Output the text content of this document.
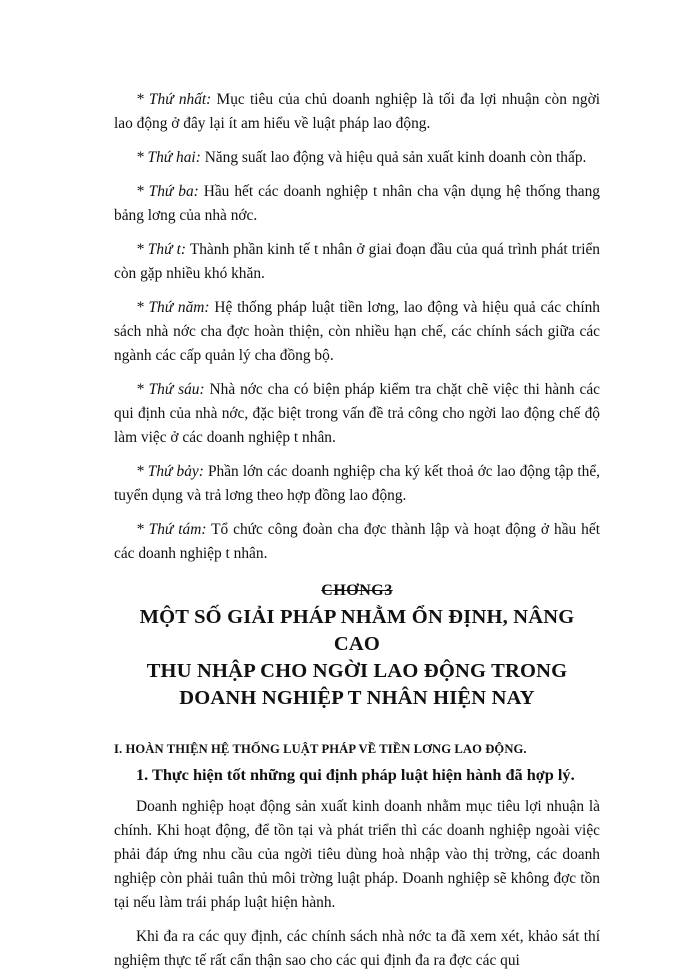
* Thứ nhất: Mục tiêu của chủ doanh nghiệp là tối đa lợi nhuận còn ngời lao động ở đây lại ít am hiểu về luật pháp lao động.

* Thứ hai: Năng suất lao động và hiệu quả sản xuất kinh doanh còn thấp.

* Thứ ba: Hầu hết các doanh nghiệp t nhân cha vận dụng hệ thống thang bảng lơng của nhà nớc.

* Thứ t: Thành phần kinh tế t nhân ở giai đoạn đầu của quá trình phát triển còn gặp nhiều khó khăn.

* Thứ năm: Hệ thống pháp luật tiền lơng, lao động và hiệu quả các chính sách nhà nớc cha đợc hoàn thiện, còn nhiều hạn chế, các chính sách giữa các ngành các cấp quản lý cha đồng bộ.

* Thứ sáu: Nhà nớc cha có biện pháp kiểm tra chặt chẽ việc thi hành các qui định của nhà nớc, đặc biệt trong vấn đề trả công cho ngời lao động chế độ làm việc ở các doanh nghiệp t nhân.

* Thứ bảy: Phần lớn các doanh nghiệp cha ký kết thoả ớc lao động tập thể, tuyển dụng và trả lơng theo hợp đồng lao động.

* Thứ tám: Tổ chức công đoàn cha đợc thành lập và hoạt động ở hầu hết các doanh nghiệp t nhân.

CHƠNG3
MỘT SỐ GIẢI PHÁP NHẰM ỔN ĐỊNH, NÂNG CAO
THU NHẬP CHO NGỜI LAO ĐỘNG TRONG
DOANH NGHIỆP T NHÂN HIỆN NAY
I. HOÀN THIỆN HỆ THỐNG LUẬT PHÁP VỀ TIỀN LƠNG LAO ĐỘNG.
1. Thực hiện tốt những qui định pháp luật hiện hành đã hợp lý.

Doanh nghiệp hoạt động sản xuất kinh doanh nhằm mục tiêu lợi nhuận là chính. Khi hoạt động, để tồn tại và phát triển thì các doanh nghiệp ngoài việc phải đáp ứng nhu cầu của ngời tiêu dùng hoà nhập vào thị trờng, các doanh nghiệp còn phải tuân thủ môi trờng luật pháp. Doanh nghiệp sẽ không đợc tồn tại nếu làm trái pháp luật hiện hành.

Khi đa ra các quy định, các chính sách nhà nớc ta đã xem xét, khảo sát thí nghiệm thực tế rất cẩn thận sao cho các qui định đa ra đợc các qui
